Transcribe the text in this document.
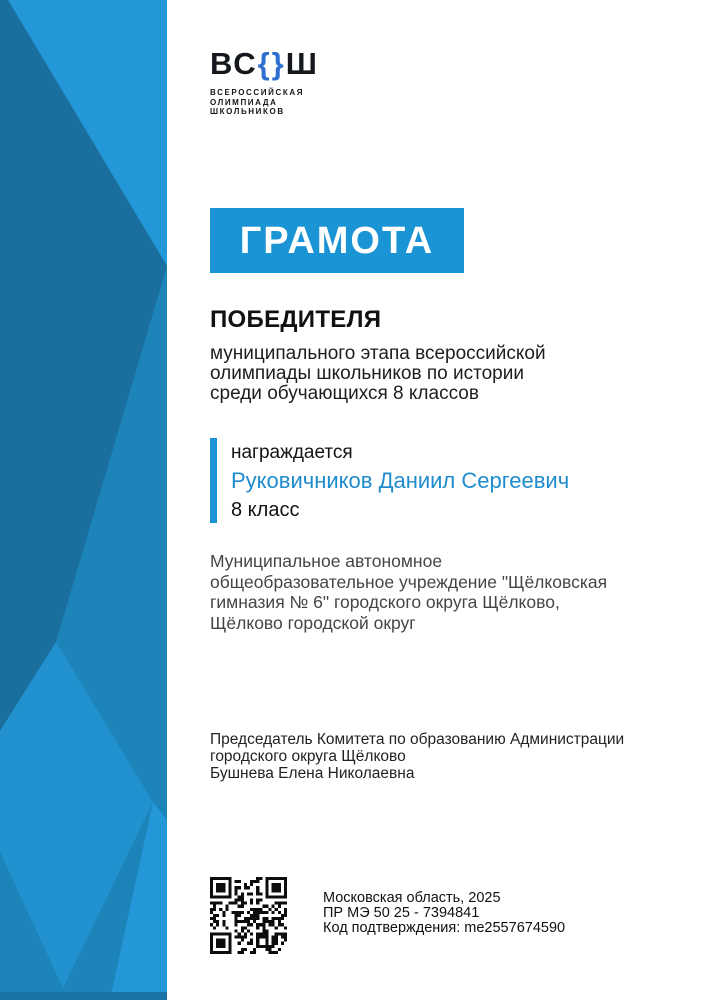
ВС{}Ш
ВСЕРОССИЙСКАЯ
ОЛИМПИАДА
ШКОЛЬНИКОВ
ГРАМОТА
ПОБЕДИТЕЛЯ
муниципального этапа всероссийской
олимпиады школьников по истории
среди обучающихся 8 классов
награждается
Руковичников Даниил Сергеевич
8 класс
Муниципальное автономное
общеобразовательное учреждение "Щёлковская
гимназия № 6" городского округа Щёлково,
Щёлково городской округ
Председатель Комитета по образованию Администрации
городского округа Щёлково
Бушнева Елена Николаевна
Московская область, 2025
ПР МЭ 50 25 - 7394841
Код подтверждения: me2557674590
